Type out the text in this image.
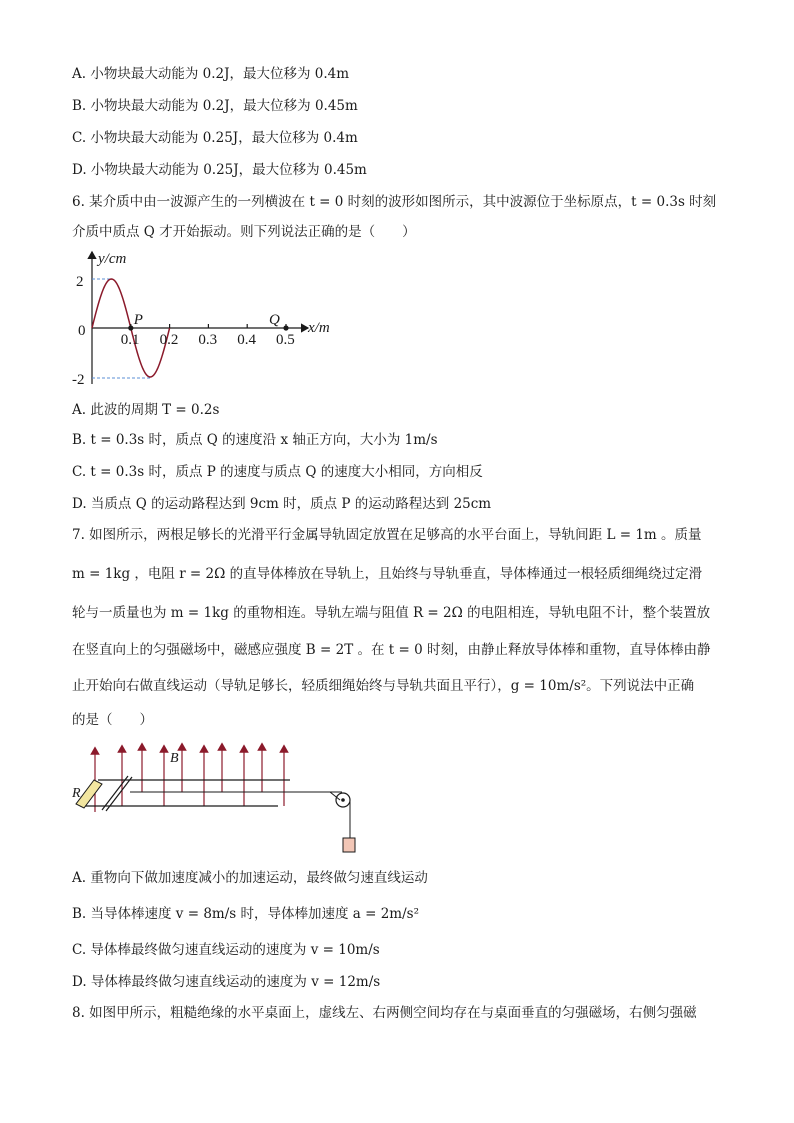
A. 小物块最大动能为 0.2J，最大位移为 0.4m
B. 小物块最大动能为 0.2J，最大位移为 0.45m
C. 小物块最大动能为 0.25J，最大位移为 0.4m
D. 小物块最大动能为 0.25J，最大位移为 0.45m
6. 某介质中由一波源产生的一列横波在 t = 0 时刻的波形如图所示，其中波源位于坐标原点，t = 0.3s 时刻
介质中质点 Q 才开始振动。则下列说法正确的是（　　）
y/cm
x/m
2
0
-2
0.1 0.2 0.3 0.4 0.5
P	Q
A. 此波的周期 T = 0.2s
B. t = 0.3s 时，质点 Q 的速度沿 x 轴正方向，大小为 1m/s
C. t = 0.3s 时，质点 P 的速度与质点 Q 的速度大小相同，方向相反
D. 当质点 Q 的运动路程达到 9cm 时，质点 P 的运动路程达到 25cm
7. 如图所示，两根足够长的光滑平行金属导轨固定放置在足够高的水平台面上，导轨间距 L = 1m 。质量
m = 1kg ，电阻 r = 2Ω 的直导体棒放在导轨上，且始终与导轨垂直，导体棒通过一根轻质细绳绕过定滑
轮与一质量也为 m = 1kg 的重物相连。导轨左端与阻值 R = 2Ω 的电阻相连，导轨电阻不计，整个装置放
在竖直向上的匀强磁场中，磁感应强度 B = 2T 。在 t = 0 时刻，由静止释放导体棒和重物，直导体棒由静
止开始向右做直线运动（导轨足够长，轻质细绳始终与导轨共面且平行），g = 10m/s²。下列说法中正确
的是（　　）
R
B
A. 重物向下做加速度减小的加速运动，最终做匀速直线运动
B. 当导体棒速度 v = 8m/s 时，导体棒加速度 a = 2m/s²
C. 导体棒最终做匀速直线运动的速度为 v = 10m/s
D. 导体棒最终做匀速直线运动的速度为 v = 12m/s
8. 如图甲所示，粗糙绝缘的水平桌面上，虚线左、右两侧空间均存在与桌面垂直的匀强磁场，右侧匀强磁
